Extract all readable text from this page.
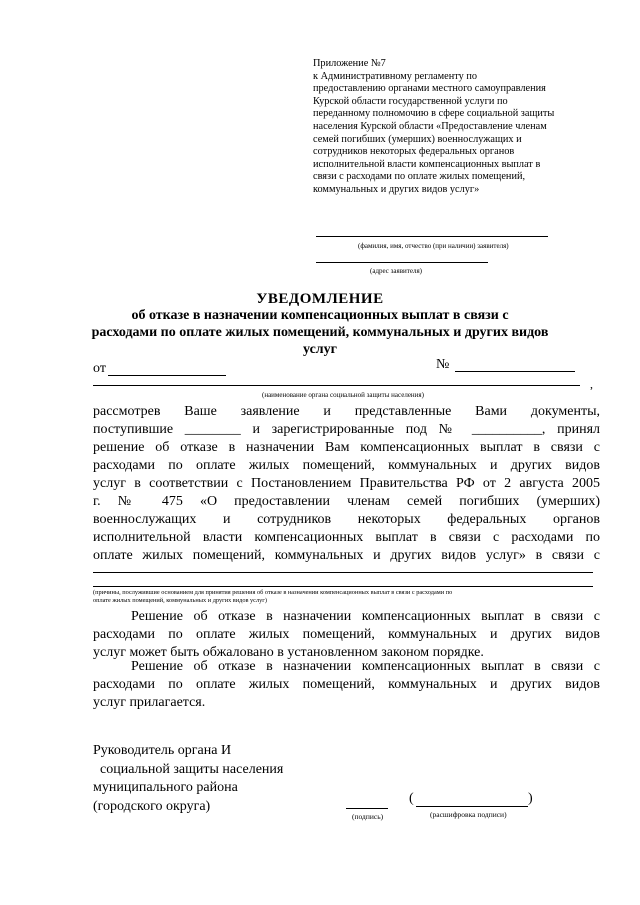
Приложение №7
к Административному регламенту по
предоставлению органами местного самоуправления
Курской области государственной услуги по
переданному полномочию в сфере социальной защиты
населения Курской области «Предоставление членам
семей погибших (умерших) военнослужащих и
сотрудников некоторых федеральных органов
исполнительной власти компенсационных выплат в
связи с расходами по оплате жилых помещений,
коммунальных и других видов услуг»
(фамилия, имя, отчество (при наличии) заявителя)
(адрес заявителя)
УВЕДОМЛЕНИЕ
об отказе в назначении компенсационных выплат в связи с
расходами по оплате жилых помещений, коммунальных и других видов
услуг
от	№
,
(наименование органа социальной защиты населения)
рассмотрев Ваше заявление и представленные Вами документы,
поступившие ________ и зарегистрированные под № __________, принял
решение об отказе в назначении Вам компенсационных выплат в связи с
расходами по оплате жилых помещений, коммунальных и других видов
услуг в соответствии с Постановлением Правительства РФ от 2 августа 2005
г. № 475 «О предоставлении членам семей погибших (умерших)
военнослужащих и сотрудников некоторых федеральных органов
исполнительной власти компенсационных выплат в связи с расходами по
оплате жилых помещений, коммунальных и других видов услуг» в связи с
(причины, послужившие основанием для принятия решения об отказе в назначении компенсационных выплат в связи с расходами по
оплате жилых помещений, коммунальных и других видов услуг)
Решение об отказе в назначении компенсационных выплат в связи с
расходами по оплате жилых помещений, коммунальных и других видов
услуг может быть обжаловано в установленном законом порядке.
Решение об отказе в назначении компенсационных выплат в связи с
расходами по оплате жилых помещений, коммунальных и других видов
услуг прилагается.
Руководитель органа И
социальной защиты населения
муниципального района
(городского округа)
(подпись)
(	)
(расшифровка подписи)
